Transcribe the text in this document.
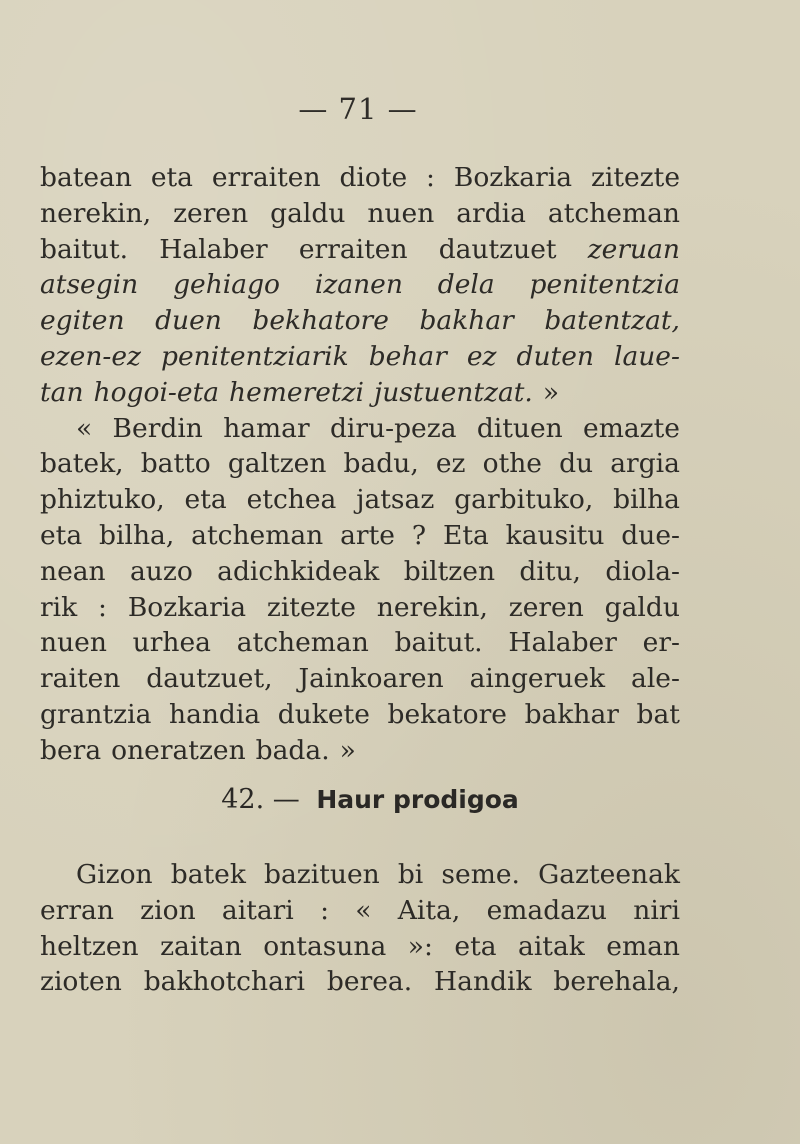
— 71 —
batean eta erraiten diote : Bozkaria zitezte
nerekin, zeren galdu nuen ardia atcheman
baitut. Halaber erraiten dautzuet zeruan
atsegin gehiago izanen dela penitentzia
egiten duen bekhatore bakhar batentzat,
ezen-ez penitentziarik behar ez duten laue-
tan hogoi-eta hemeretzi justuentzat. »
« Berdin hamar diru-peza dituen emazte
batek, batto galtzen badu, ez othe du argia
phiztuko, eta etchea jatsaz garbituko, bilha
eta bilha, atcheman arte ? Eta kausitu due-
nean auzo adichkideak biltzen ditu, diola-
rik : Bozkaria zitezte nerekin, zeren galdu
nuen urhea atcheman baitut. Halaber er-
raiten dautzuet, Jainkoaren aingeruek ale-
grantzia handia dukete bekatore bakhar bat
bera oneratzen bada. »
42. — Haur prodigoa
Gizon batek bazituen bi seme. Gazteenak
erran zion aitari : « Aita, emadazu niri
heltzen zaitan ontasuna »: eta aitak eman
zioten bakhotchari berea. Handik berehala,
